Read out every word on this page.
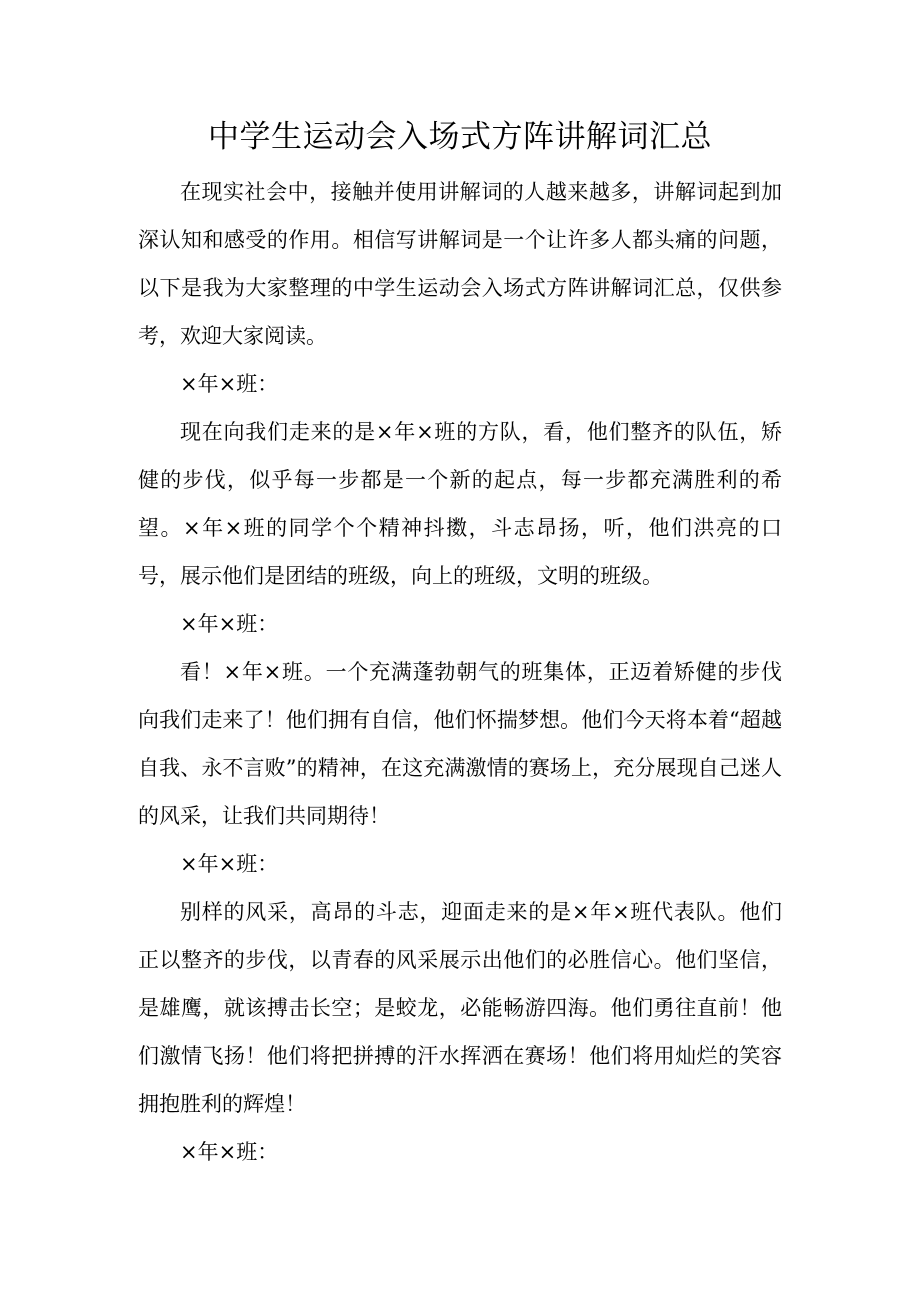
中学生运动会入场式方阵讲解词汇总

在现实社会中，接触并使用讲解词的人越来越多，讲解词起到加深认知和感受的作用。相信写讲解词是一个让许多人都头痛的问题，以下是我为大家整理的中学生运动会入场式方阵讲解词汇总，仅供参考，欢迎大家阅读。

×年×班：

现在向我们走来的是×年×班的方队，看，他们整齐的队伍，矫健的步伐，似乎每一步都是一个新的起点，每一步都充满胜利的希望。×年×班的同学个个精神抖擞，斗志昂扬，听，他们洪亮的口号，展示他们是团结的班级，向上的班级，文明的班级。

×年×班：

看！×年×班。一个充满蓬勃朝气的班集体，正迈着矫健的步伐向我们走来了！他们拥有自信，他们怀揣梦想。他们今天将本着“超越自我、永不言败”的精神，在这充满激情的赛场上，充分展现自己迷人的风采，让我们共同期待！

×年×班：

别样的风采，高昂的斗志，迎面走来的是×年×班代表队。他们正以整齐的步伐，以青春的风采展示出他们的必胜信心。他们坚信，是雄鹰，就该搏击长空；是蛟龙，必能畅游四海。他们勇往直前！他们激情飞扬！他们将把拼搏的汗水挥洒在赛场！他们将用灿烂的笑容拥抱胜利的辉煌！

×年×班：
